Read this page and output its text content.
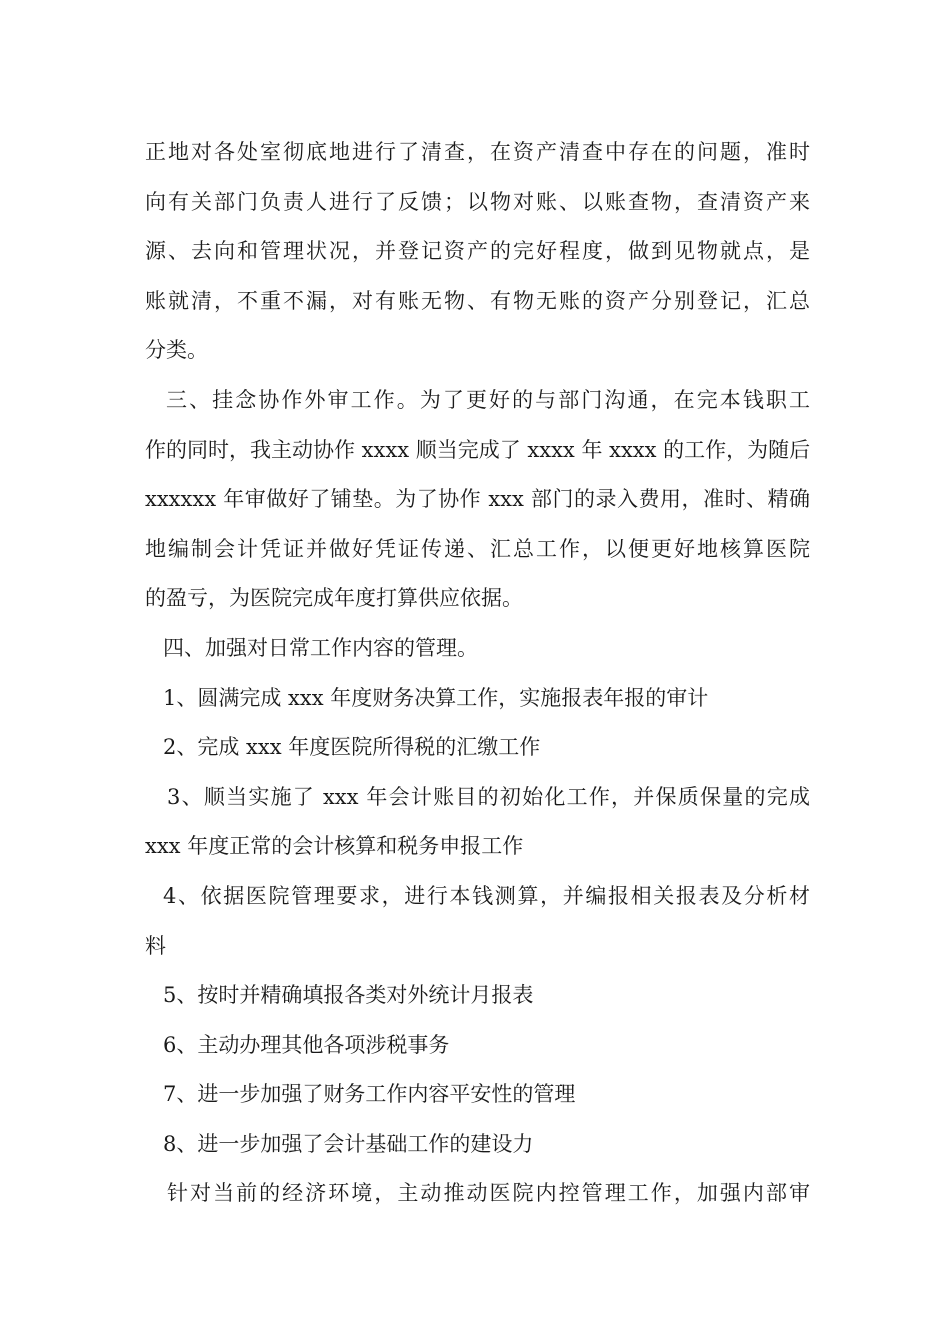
正地对各处室彻底地进行了清查，在资产清查中存在的问题，准时
向有关部门负责人进行了反馈；以物对账、以账查物，查清资产来
源、去向和管理状况，并登记资产的完好程度，做到见物就点，是
账就清，不重不漏，对有账无物、有物无账的资产分别登记，汇总
分类。
三、挂念协作外审工作。为了更好的与部门沟通，在完本钱职工
作的同时，我主动协作 xxxx 顺当完成了 xxxx 年 xxxx 的工作，为随后
xxxxxx 年审做好了铺垫。为了协作 xxx 部门的录入费用，准时、精确
地编制会计凭证并做好凭证传递、汇总工作，以便更好地核算医院
的盈亏，为医院完成年度打算供应依据。
四、加强对日常工作内容的管理。
1、圆满完成 xxx 年度财务决算工作，实施报表年报的审计
2、完成 xxx 年度医院所得税的汇缴工作
3、顺当实施了 xxx 年会计账目的初始化工作，并保质保量的完成
xxx 年度正常的会计核算和税务申报工作
4、依据医院管理要求，进行本钱测算，并编报相关报表及分析材
料
5、按时并精确填报各类对外统计月报表
6、主动办理其他各项涉税事务
7、进一步加强了财务工作内容平安性的管理
8、进一步加强了会计基础工作的建设力
针对当前的经济环境，主动推动医院内控管理工作，加强内部审
